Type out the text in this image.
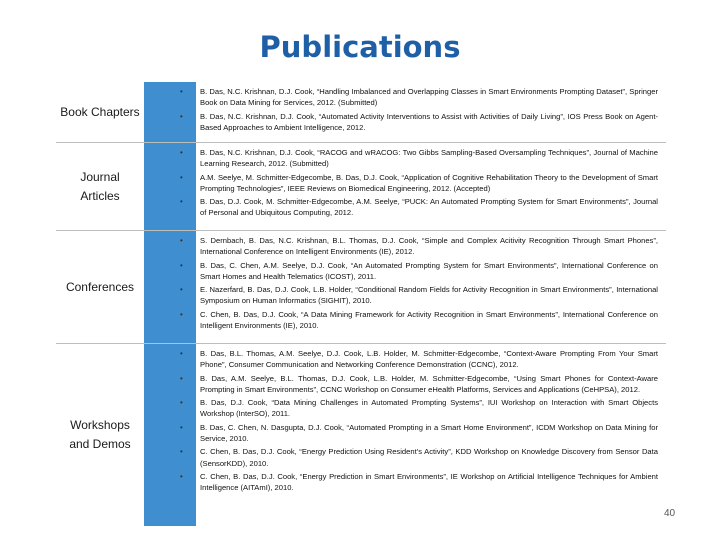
Publications
Book Chapters
• B. Das, N.C. Krishnan, D.J. Cook, “Handling Imbalanced and Overlapping Classes in Smart Environments Prompting Dataset”, Springer Book on Data Mining for Services, 2012. (Submitted)
• B. Das, N.C. Krishnan, D.J. Cook, “Automated Activity Interventions to Assist with Activities of Daily Living”, IOS Press Book on Agent-Based Approaches to Ambient Intelligence, 2012.
Journal Articles
• B. Das, N.C. Krishnan, D.J. Cook, “RACOG and wRACOG: Two Gibbs Sampling-Based Oversampling Techniques”, Journal of Machine Learning Research, 2012. (Submitted)
• A.M. Seelye, M. Schmitter-Edgecombe, B. Das, D.J. Cook, “Application of Cognitive Rehabilitation Theory to the Development of Smart Prompting Technologies”, IEEE Reviews on Biomedical Engineering, 2012. (Accepted)
• B. Das, D.J. Cook, M. Schmitter-Edgecombe, A.M. Seelye, “PUCK: An Automated Prompting System for Smart Environments”, Journal of Personal and Ubiquitous Computing, 2012.
Conferences
• S. Dernbach, B. Das, N.C. Krishnan, B.L. Thomas, D.J. Cook, “Simple and Complex Acitivity Recognition Through Smart Phones”, International Conference on Intelligent Environments (IE), 2012.
• B. Das, C. Chen, A.M. Seelye, D.J. Cook, “An Automated Prompting System for Smart Environments”, International Conference on Smart Homes and Health Telematics (ICOST), 2011.
• E. Nazerfard, B. Das, D.J. Cook, L.B. Holder, “Conditional Random Fields for Activity Recognition in Smart Environments”, International Symposium on Human Informatics (SIGHIT), 2010.
• C. Chen, B. Das, D.J. Cook, “A Data Mining Framework for Activity Recognition in Smart Environments”, International Conference on Intelligent Environments (IE), 2010.
Workshops and Demos
• B. Das, B.L. Thomas, A.M. Seelye, D.J. Cook, L.B. Holder, M. Schmitter-Edgecombe, “Context-Aware Prompting From Your Smart Phone”, Consumer Communication and Networking Conference Demonstration (CCNC), 2012.
• B. Das, A.M. Seelye, B.L. Thomas, D.J. Cook, L.B. Holder, M. Schmitter-Edgecombe, “Using Smart Phones for Context-Aware Prompting in Smart Environments”, CCNC Workshop on Consumer eHealth Platforms, Services and Applications (CeHPSA), 2012.
• B. Das, D.J. Cook, “Data Mining Challenges in Automated Prompting Systems”, IUI Workshop on Interaction with Smart Objects Workshop (InterSO), 2011.
• B. Das, C. Chen, N. Dasgupta, D.J. Cook, “Automated Prompting in a Smart Home Environment”, ICDM Workshop on Data Mining for Service, 2010.
• C. Chen, B. Das, D.J. Cook, “Energy Prediction Using Resident’s Activity”, KDD Workshop on Knowledge Discovery from Sensor Data (SensorKDD), 2010.
• C. Chen, B. Das, D.J. Cook, “Energy Prediction in Smart Environments”, IE Workshop on Artificial Intelligence Techniques for Ambient Intelligence (AITAmI), 2010.
40
